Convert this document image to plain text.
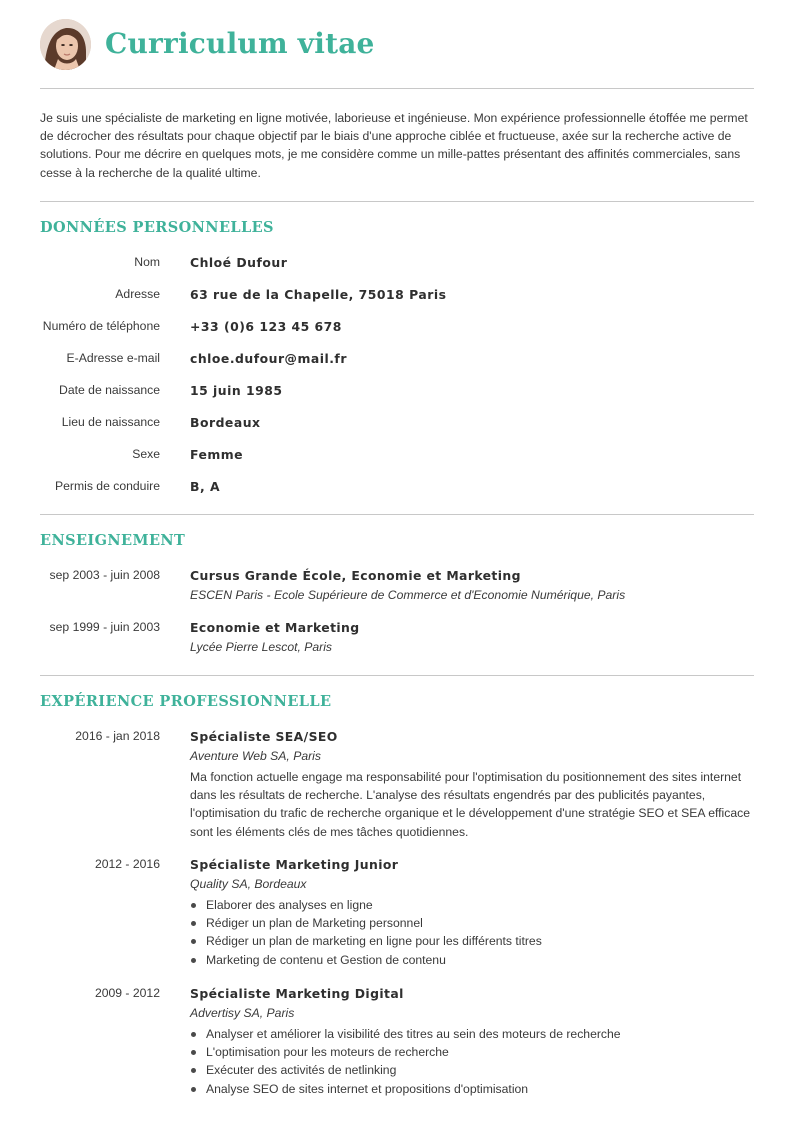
Curriculum vitae

Je suis une spécialiste de marketing en ligne motivée, laborieuse et ingénieuse. Mon expérience professionnelle étoffée me permet de décrocher des résultats pour chaque objectif par le biais d'une approche ciblée et fructueuse, axée sur la recherche active de solutions. Pour me décrire en quelques mots, je me considère comme un mille-pattes présentant des affinités commerciales, sans cesse à la recherche de la qualité ultime.

DONNÉES PERSONNELLES
Nom Chloé Dufour
Adresse 63 rue de la Chapelle, 75018 Paris
Numéro de téléphone +33 (0)6 123 45 678
E-Adresse e-mail chloe.dufour@mail.fr
Date de naissance 15 juin 1985
Lieu de naissance Bordeaux
Sexe Femme
Permis de conduire B, A
ENSEIGNEMENT
sep 2003 - juin 2008 Cursus Grande École, Economie et Marketing
ESCEN Paris - Ecole Supérieure de Commerce et d'Economie Numérique, Paris
sep 1999 - juin 2003 Economie et Marketing
Lycée Pierre Lescot, Paris
EXPÉRIENCE PROFESSIONNELLE
2016 - jan 2018 Spécialiste SEA/SEO
Aventure Web SA, Paris

Ma fonction actuelle engage ma responsabilité pour l'optimisation du positionnement des sites internet dans les résultats de recherche. L'analyse des résultats engendrés par des publicités payantes, l'optimisation du trafic de recherche organique et le développement d'une stratégie SEO et SEA efficace sont les éléments clés de mes tâches quotidiennes.

2012 - 2016 Spécialiste Marketing Junior
Quality SA, Bordeaux
Elaborer des analyses en ligne
Rédiger un plan de Marketing personnel
Rédiger un plan de marketing en ligne pour les différents titres
Marketing de contenu et Gestion de contenu
2009 - 2012 Spécialiste Marketing Digital
Advertisy SA, Paris
Analyser et améliorer la visibilité des titres au sein des moteurs de recherche
L'optimisation pour les moteurs de recherche
Exécuter des activités de netlinking
Analyse SEO de sites internet et propositions d'optimisation
